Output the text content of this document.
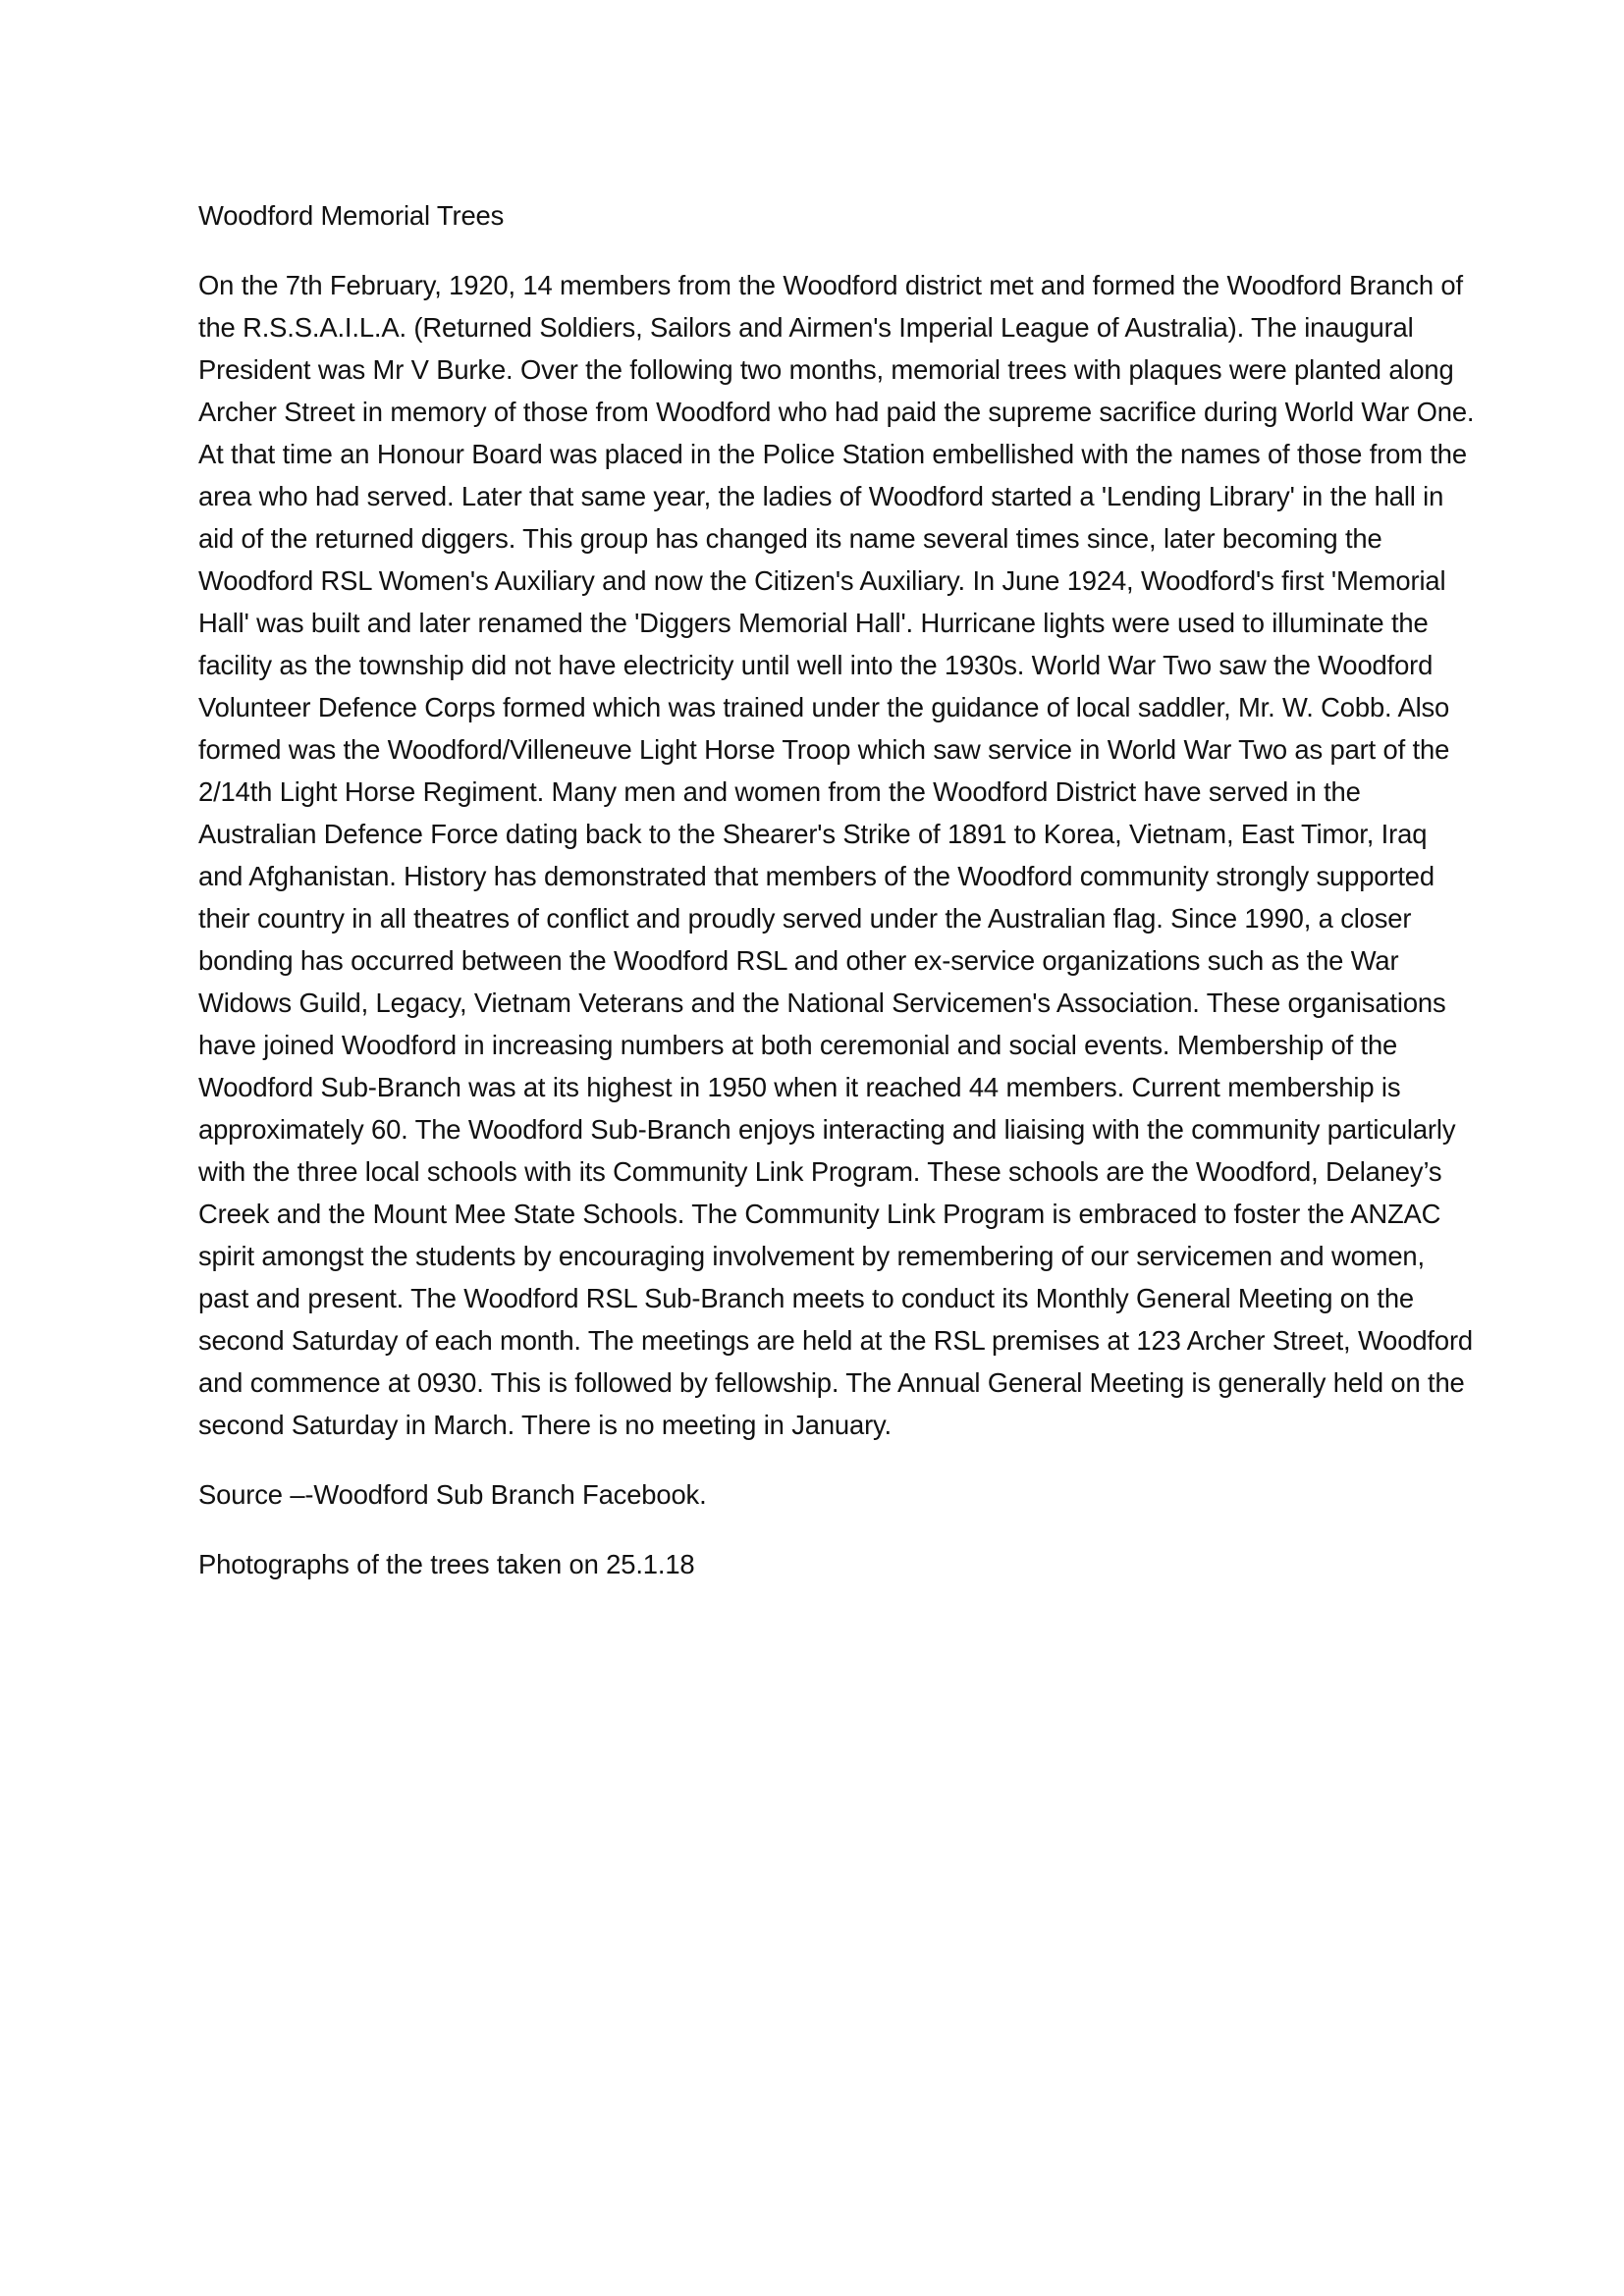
Woodford Memorial Trees

On the 7th February, 1920, 14 members from the Woodford district met and formed the Woodford Branch of the R.S.S.A.I.L.A. (Returned Soldiers, Sailors and Airmen's Imperial League of Australia). The inaugural President was Mr V Burke. Over the following two months, memorial trees with plaques were planted along Archer Street in memory of those from Woodford who had paid the supreme sacrifice during World War One. At that time an Honour Board was placed in the Police Station embellished with the names of those from the area who had served. Later that same year, the ladies of Woodford started a 'Lending Library' in the hall in aid of the returned diggers. This group has changed its name several times since, later becoming the Woodford RSL Women's Auxiliary and now the Citizen's Auxiliary. In June 1924, Woodford's first 'Memorial Hall' was built and later renamed the 'Diggers Memorial Hall'. Hurricane lights were used to illuminate the facility as the township did not have electricity until well into the 1930s. World War Two saw the Woodford Volunteer Defence Corps formed which was trained under the guidance of local saddler, Mr. W. Cobb. Also formed was the Woodford/Villeneuve Light Horse Troop which saw service in World War Two as part of the 2/14th Light Horse Regiment. Many men and women from the Woodford District have served in the Australian Defence Force dating back to the Shearer's Strike of 1891 to Korea, Vietnam, East Timor, Iraq and Afghanistan. History has demonstrated that members of the Woodford community strongly supported their country in all theatres of conflict and proudly served under the Australian flag. Since 1990, a closer bonding has occurred between the Woodford RSL and other ex-service organizations such as the War Widows Guild, Legacy, Vietnam Veterans and the National Servicemen's Association. These organisations have joined Woodford in increasing numbers at both ceremonial and social events. Membership of the Woodford Sub-Branch was at its highest in 1950 when it reached 44 members. Current membership is approximately 60. The Woodford Sub-Branch enjoys interacting and liaising with the community particularly with the three local schools with its Community Link Program. These schools are the Woodford, Delaney’s Creek and the Mount Mee State Schools. The Community Link Program is embraced to foster the ANZAC spirit amongst the students by encouraging involvement by remembering of our servicemen and women, past and present. The Woodford RSL Sub-Branch meets to conduct its Monthly General Meeting on the second Saturday of each month. The meetings are held at the RSL premises at 123 Archer Street, Woodford and commence at 0930. This is followed by fellowship. The Annual General Meeting is generally held on the second Saturday in March. There is no meeting in January.

Source –-Woodford Sub Branch Facebook.

Photographs of the trees taken on 25.1.18
